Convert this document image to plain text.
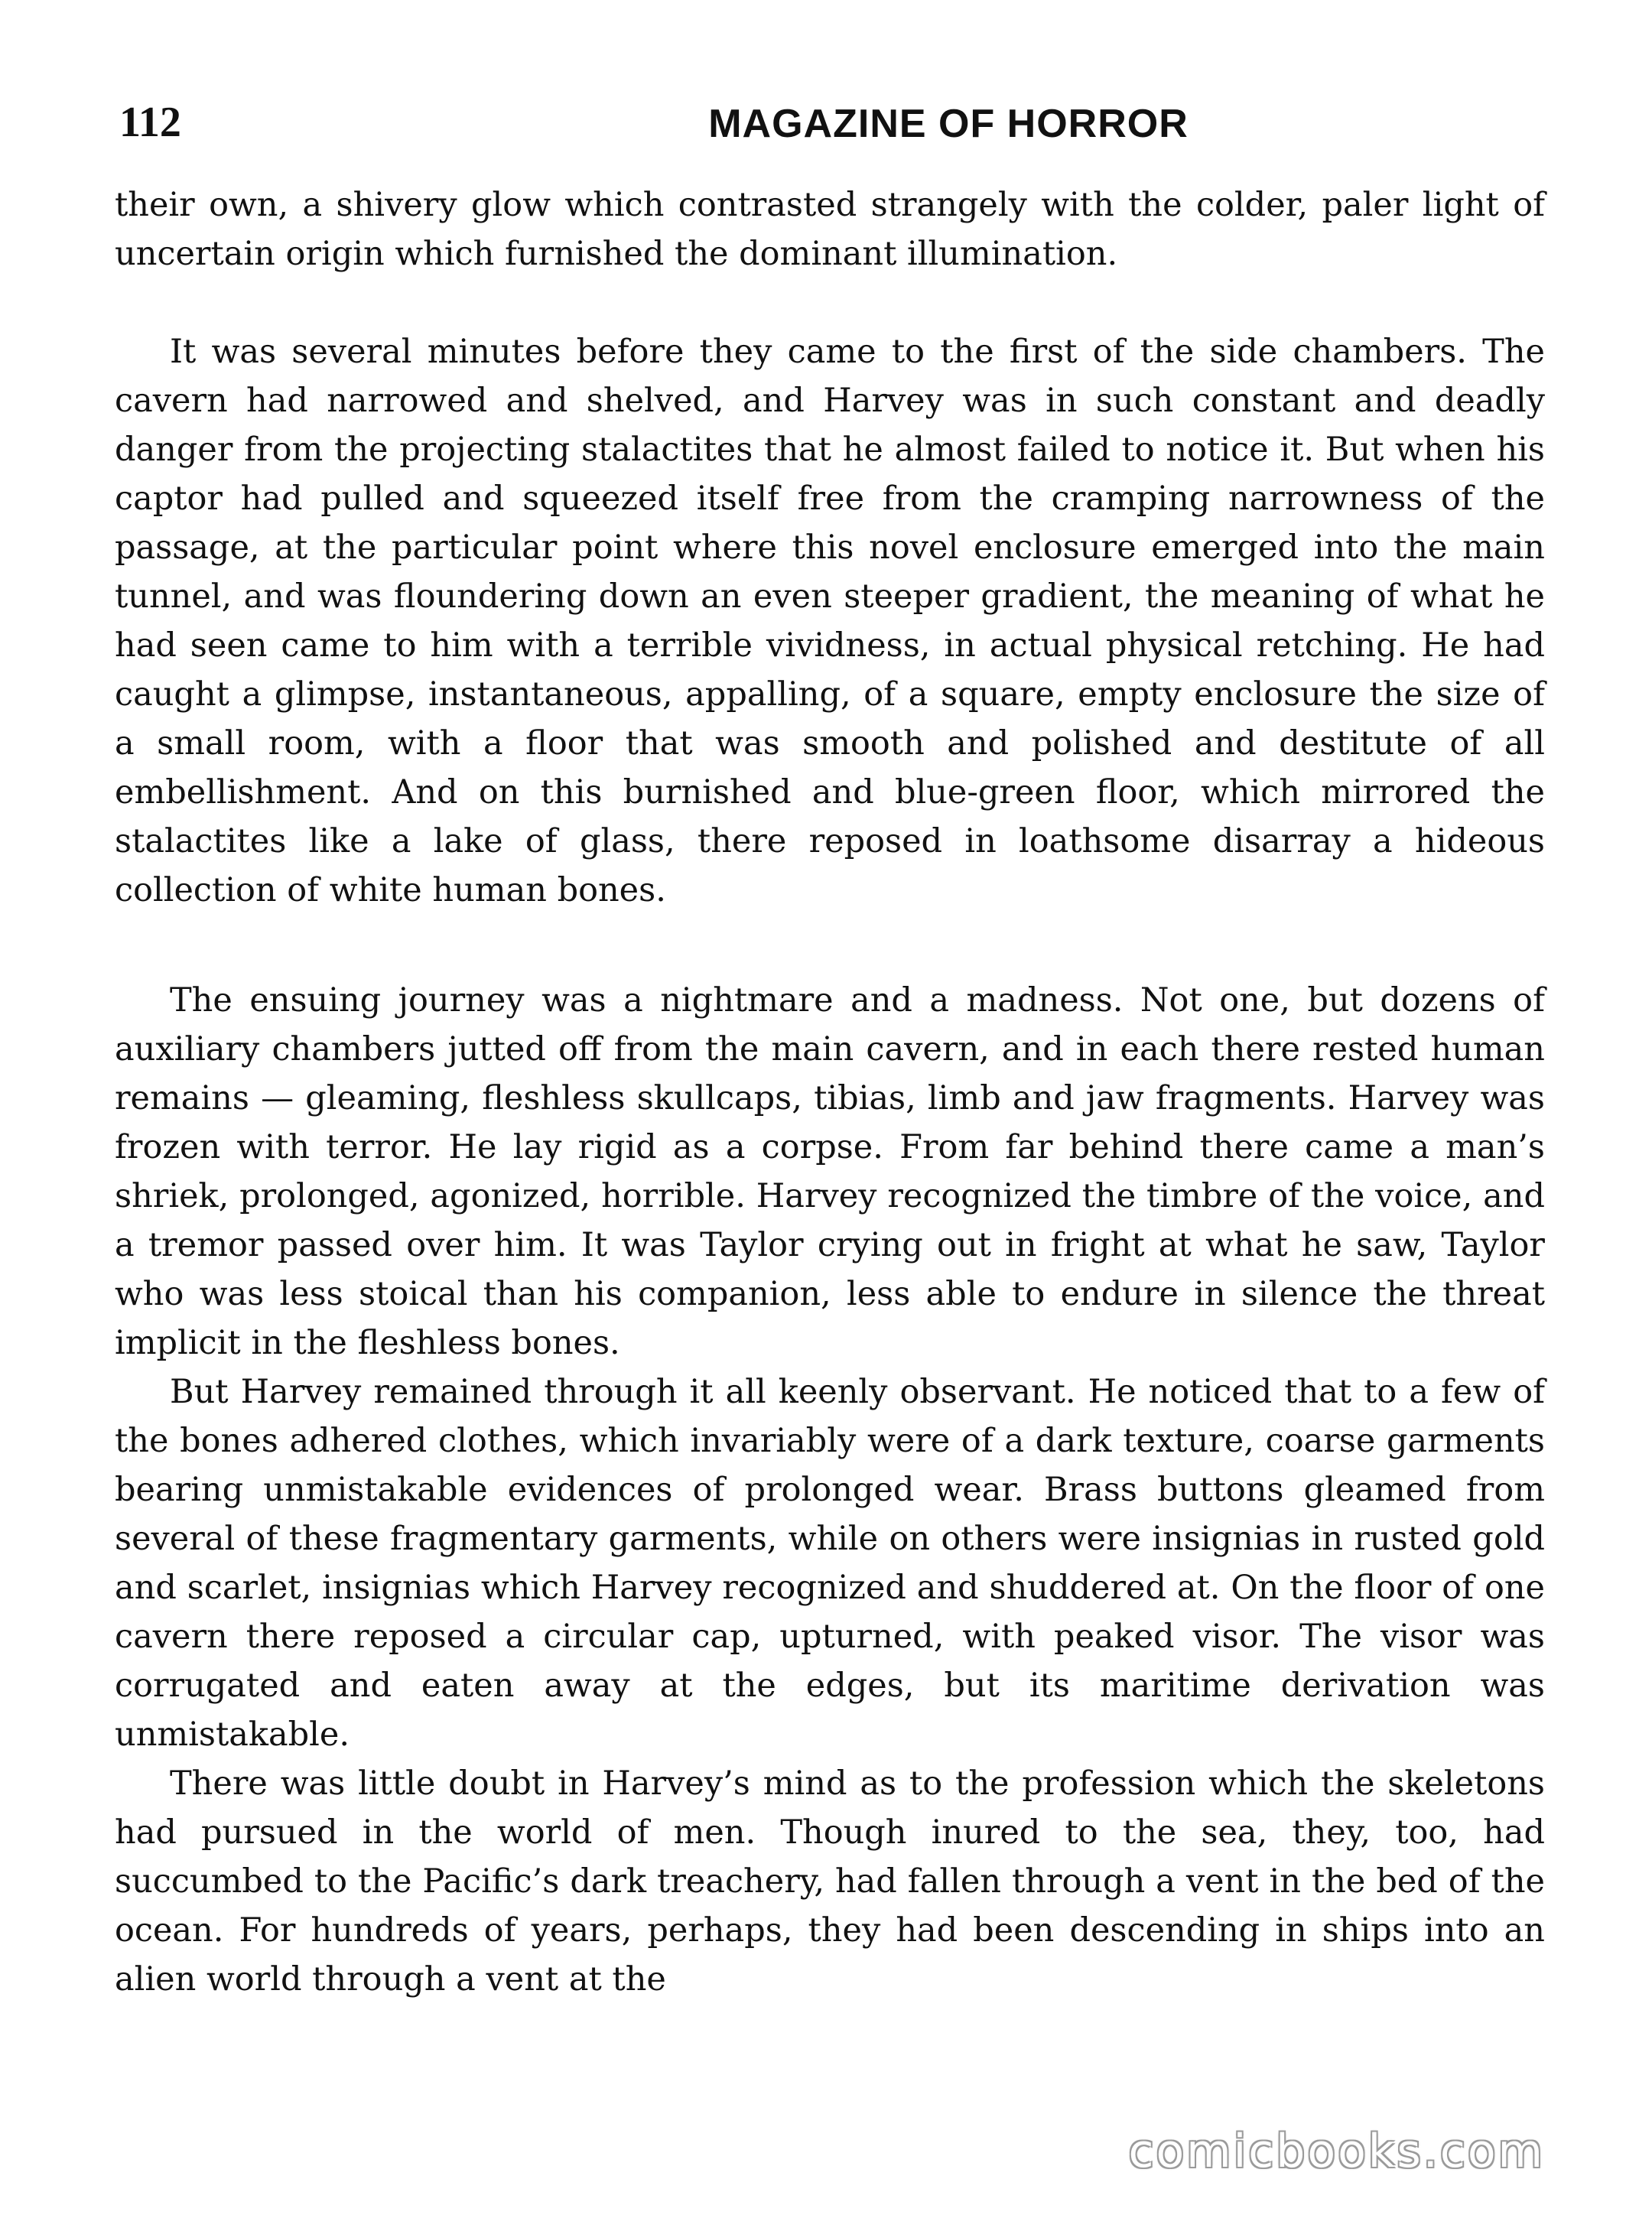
112	MAGAZINE OF HORROR

their own, a shivery glow which contrasted strangely with the colder, paler light of uncertain origin which furnished the dominant illumination.

It was several minutes before they came to the first of the side chambers. The cavern had narrowed and shelved, and Harvey was in such constant and deadly danger from the projecting stalactites that he almost failed to notice it. But when his captor had pulled and squeezed itself free from the cramping narrowness of the passage, at the particular point where this novel enclosure emerged into the main tunnel, and was floundering down an even steeper gradient, the meaning of what he had seen came to him with a terrible vividness, in actual physical retching. He had caught a glimpse, instantaneous, appalling, of a square, empty enclosure the size of a small room, with a floor that was smooth and polished and destitute of all embellishment. And on this burnished and blue-green floor, which mirrored the stalactites like a lake of glass, there reposed in loathsome disarray a hideous collection of white human bones.

The ensuing journey was a nightmare and a madness. Not one, but dozens of auxiliary chambers jutted off from the main cavern, and in each there rested human remains — gleaming, fleshless skullcaps, tibias, limb and jaw fragments. Harvey was frozen with terror. He lay rigid as a corpse. From far behind there came a man’s shriek, prolonged, agonized, horrible. Harvey recognized the timbre of the voice, and a tremor passed over him. It was Taylor crying out in fright at what he saw, Taylor who was less stoical than his companion, less able to endure in silence the threat implicit in the fleshless bones.

But Harvey remained through it all keenly observant. He noticed that to a few of the bones adhered clothes, which invariably were of a dark texture, coarse garments bearing unmistakable evidences of prolonged wear. Brass buttons gleamed from several of these fragmentary garments, while on others were insignias in rusted gold and scarlet, insignias which Harvey recognized and shuddered at. On the floor of one cavern there reposed a circular cap, upturned, with peaked visor. The visor was corrugated and eaten away at the edges, but its maritime derivation was unmistakable.

There was little doubt in Harvey’s mind as to the profession which the skeletons had pursued in the world of men. Though inured to the sea, they, too, had succumbed to the Pacific’s dark treachery, had fallen through a vent in the bed of the ocean. For hundreds of years, perhaps, they had been descending in ships into an alien world through a vent at the

comicbooks.com
